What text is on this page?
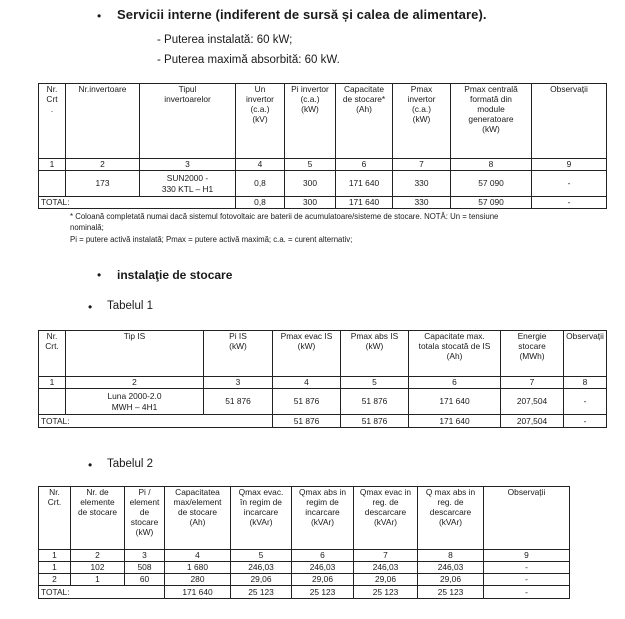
• Servicii interne (indiferent de sursă și calea de alimentare).
- Puterea instalată: 60 kW;
- Puterea maximă absorbită: 60 kW.
Nr.
Crt
.	Nr.invertoare	Tipul
invertoarelor	Un
invertor
(c.a.)
(kV)	Pi invertor
(c.a.)
(kW)	Capacitate
de stocare*
(Ah)	Pmax
invertor
(c.a.)
(kW)	Pmax centrală
formată din
module
generatoare
(kW)	Observații
1	2	3	4	5	6	7	8	9
	173	SUN2000 -
330 KTL – H1	0,8	300	171 640	330	57 090	-
TOTAL:			0,8	300	171 640	330	57 090	-
* Coloană completată numai dacă sistemul fotovoltaic are baterii de acumulatoare/sisteme de stocare. NOTĂ: Un = tensiune
nominală;
Pi = putere activă instalată; Pmax = putere activă maximă; c.a. = curent alternativ;
• instalaţie de stocare
• Tabelul 1
Nr.
Crt.	Tip IS	Pi IS
(kW)	Pmax evac IS
(kW)	Pmax abs IS
(kW)	Capacitate max.
totala stocată de IS
(Ah)	Energie
stocare
(MWh)	Observații
1	2	3	4	5	6	7	8
	Luna 2000-2.0
MWH – 4H1	51 876	51 876	51 876	171 640	207,504	-
TOTAL:			51 876	51 876	171 640	207,504	-
• Tabelul 2
Nr.
Crt.	Nr. de
elemente
de stocare	Pi /
element
de
stocare
(kW)	Capacitatea
max/element
de stocare
(Ah)	Qmax evac.
în regim de
incarcare
(kVAr)	Qmax abs in
regim de
incarcare
(kVAr)	Qmax evac in
reg. de
descarcare
(kVAr)	Q max abs in
reg. de
descarcare
(kVAr)	Observații
1	2	3	4	5	6	7	8	9
1	102	508	1 680	246,03	246,03	246,03	246,03	-
2	1	60	280	29,06	29,06	29,06	29,06	-
TOTAL:			171 640	25 123	25 123	25 123	25 123	-
